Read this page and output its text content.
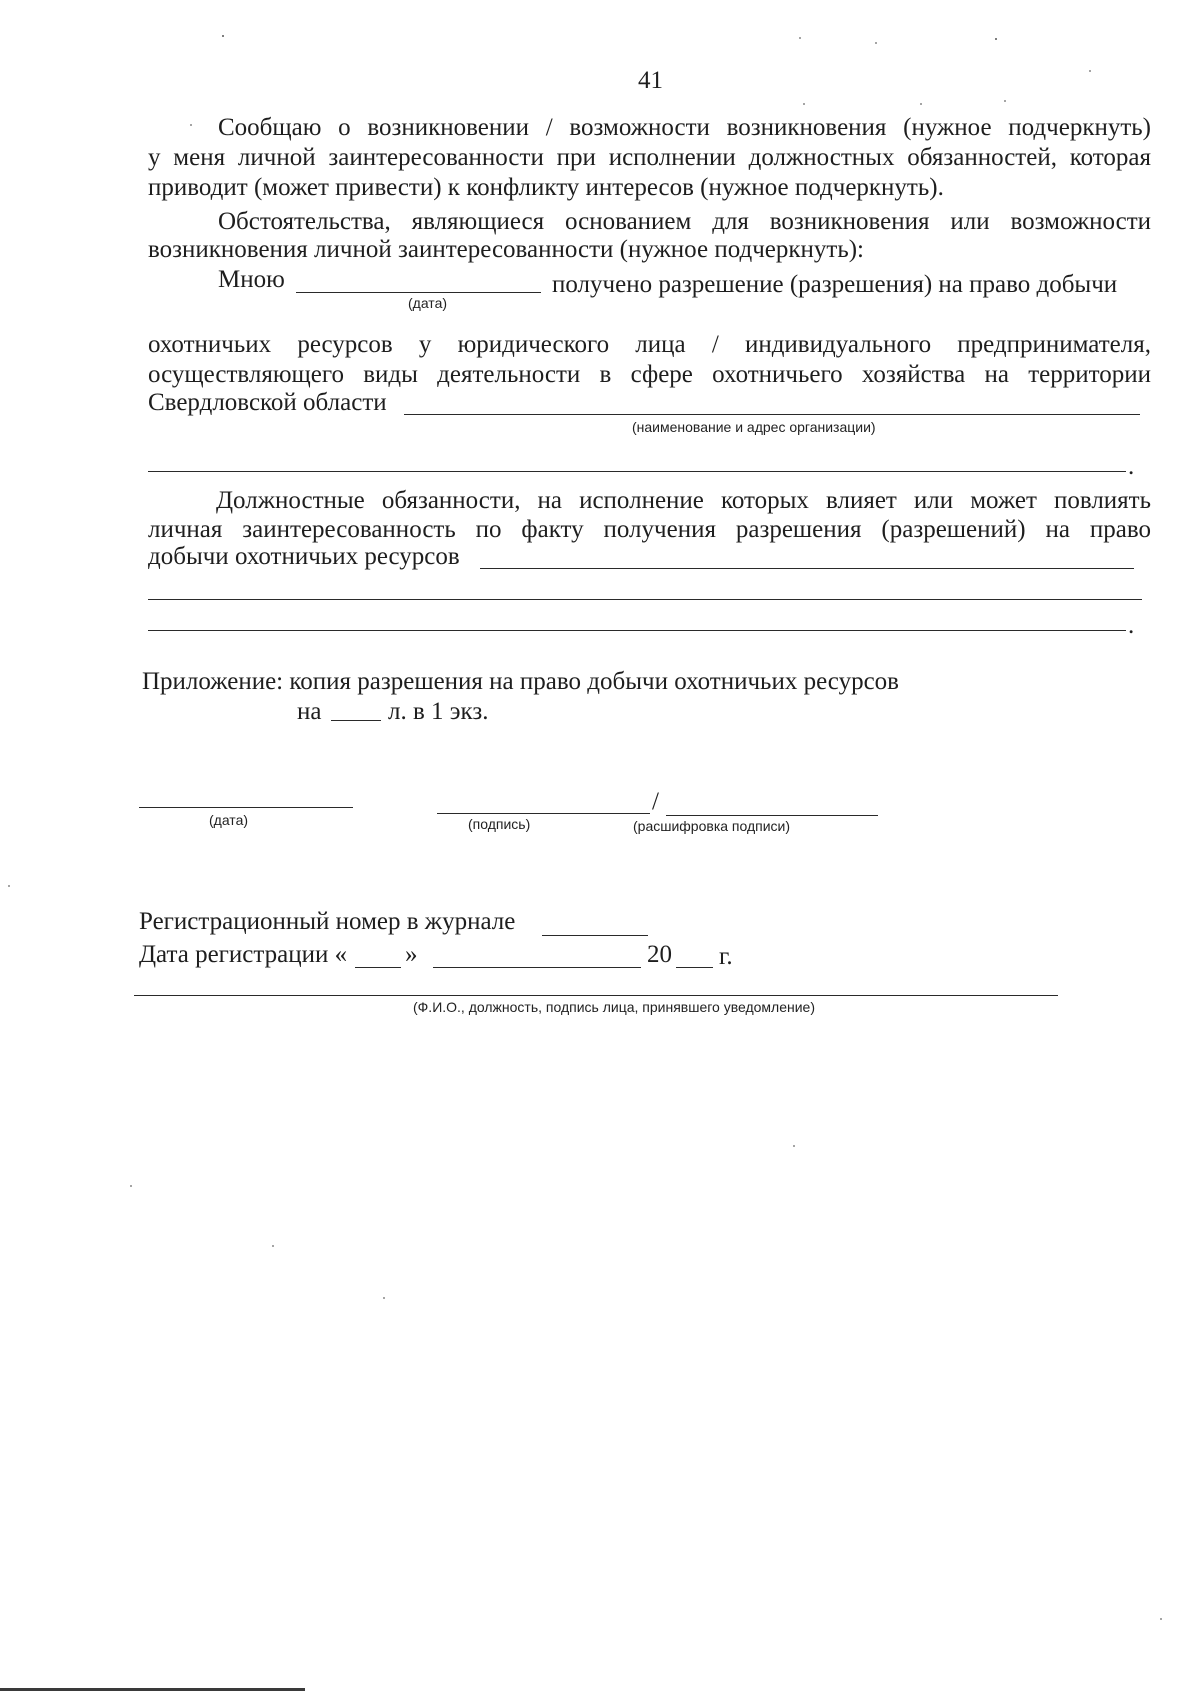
41
Сообщаю о возникновении / возможности возникновения (нужное подчеркнуть)
у меня личной заинтересованности при исполнении должностных обязанностей, которая
приводит (может привести) к конфликту интересов (нужное подчеркнуть).
Обстоятельства, являющиеся основанием для возникновения или возможности
возникновения личной заинтересованности (нужное подчеркнуть):
Мною
(дата)
получено разрешение (разрешения) на право добычи
охотничьих ресурсов у юридического лица / индивидуального предпринимателя,
осуществляющего виды деятельности в сфере охотничьего хозяйства на территории
Свердловской области
(наименование и адрес организации)
.
Должностные обязанности, на исполнение которых влияет или может повлиять
личная заинтересованность по факту получения разрешения (разрешений) на право
добычи охотничьих ресурсов
.
Приложение: копия разрешения на право добычи охотничьих ресурсов
на	л. в 1 экз.
(дата)	(подпись)
/
(расшифровка подписи)
Регистрационный номер в журнале
Дата регистрации « »	20 г.
(Ф.И.О., должность, подпись лица, принявшего уведомление)
